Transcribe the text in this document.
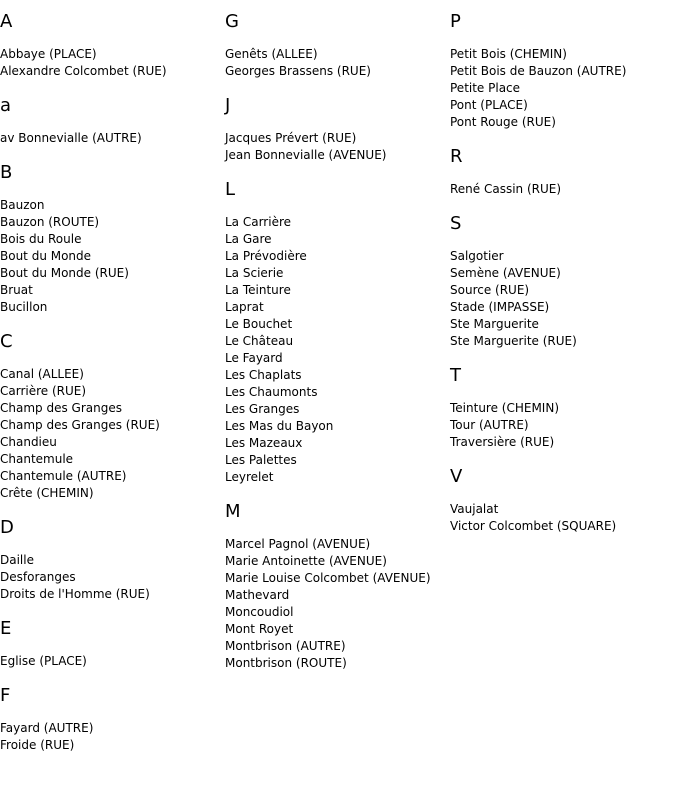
A
Abbaye (PLACE)
Alexandre Colcombet (RUE)
a
av Bonnevialle (AUTRE)
B
Bauzon
Bauzon (ROUTE)
Bois du Roule
Bout du Monde
Bout du Monde (RUE)
Bruat
Bucillon
C
Canal (ALLEE)
Carrière (RUE)
Champ des Granges
Champ des Granges (RUE)
Chandieu
Chantemule
Chantemule (AUTRE)
Crête (CHEMIN)
D
Daille
Desforanges
Droits de l'Homme (RUE)
E
Eglise (PLACE)
F
Fayard (AUTRE)
Froide (RUE)
G
Genêts (ALLEE)
Georges Brassens (RUE)
J
Jacques Prévert (RUE)
Jean Bonnevialle (AVENUE)
L
La Carrière
La Gare
La Prévodière
La Scierie
La Teinture
Laprat
Le Bouchet
Le Château
Le Fayard
Les Chaplats
Les Chaumonts
Les Granges
Les Mas du Bayon
Les Mazeaux
Les Palettes
Leyrelet
M
Marcel Pagnol (AVENUE)
Marie Antoinette (AVENUE)
Marie Louise Colcombet (AVENUE)
Mathevard
Moncoudiol
Mont Royet
Montbrison (AUTRE)
Montbrison (ROUTE)
P
Petit Bois (CHEMIN)
Petit Bois de Bauzon (AUTRE)
Petite Place
Pont (PLACE)
Pont Rouge (RUE)
R
René Cassin (RUE)
S
Salgotier
Semène (AVENUE)
Source (RUE)
Stade (IMPASSE)
Ste Marguerite
Ste Marguerite (RUE)
T
Teinture (CHEMIN)
Tour (AUTRE)
Traversière (RUE)
V
Vaujalat
Victor Colcombet (SQUARE)
